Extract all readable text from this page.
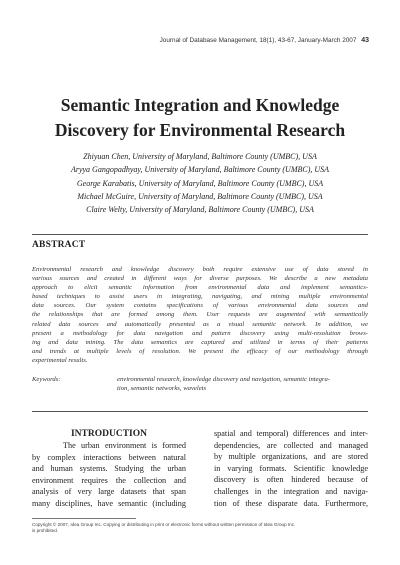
Journal of Database Management, 18(1), 43-67, January-March 2007 43
Semantic Integration and Knowledge
Discovery for Environmental Research
Zhiyuan Chen, University of Maryland, Baltimore County (UMBC), USA
Aryya Gangopadhyay, University of Maryland, Baltimore County (UMBC), USA
George Karabatis, University of Maryland, Baltimore County (UMBC), USA
Michael McGuire, University of Maryland, Baltimore County (UMBC), USA
Claire Welty, University of Maryland, Baltimore County (UMBC), USA
ABSTRACT
Environmental research and knowledge discovery both require extensive use of data stored in
various sources and created in different ways for diverse purposes. We describe a new metadata
approach to elicit semantic information from environmental data and implement semantics-
based techniques to assist users in integrating, navigating, and mining multiple environmental
data sources. Our system contains specifications of various environmental data sources and
the relationships that are formed among them. User requests are augmented with semantically
related data sources and automatically presented as a visual semantic network. In addition, we
present a methodology for data navigation and pattern discovery using multi-resolution brows-
ing and data mining. The data semantics are captured and utilized in terms of their patterns
and trends at multiple levels of resolution. We present the efficacy of our methodology through
experimental results.
Keywords:	environmental research, knowledge discovery and navigation, semantic integra-
tion, semantic networks, wavelets
INTRODUCTION
The urban environment is formed
by complex interactions between natural
and human systems. Studying the urban
environment requires the collection and
analysis of very large datasets that span
many disciplines, have semantic (including
spatial and temporal) differences and inter-
dependencies, are collected and managed
by multiple organizations, and are stored
in varying formats. Scientific knowledge
discovery is often hindered because of
challenges in the integration and naviga-
tion of these disparate data. Furthermore,
Copyright © 2007, Idea Group Inc. Copying or distributing in print or electronic forms without written permission of Idea Group Inc.
is prohibited.
